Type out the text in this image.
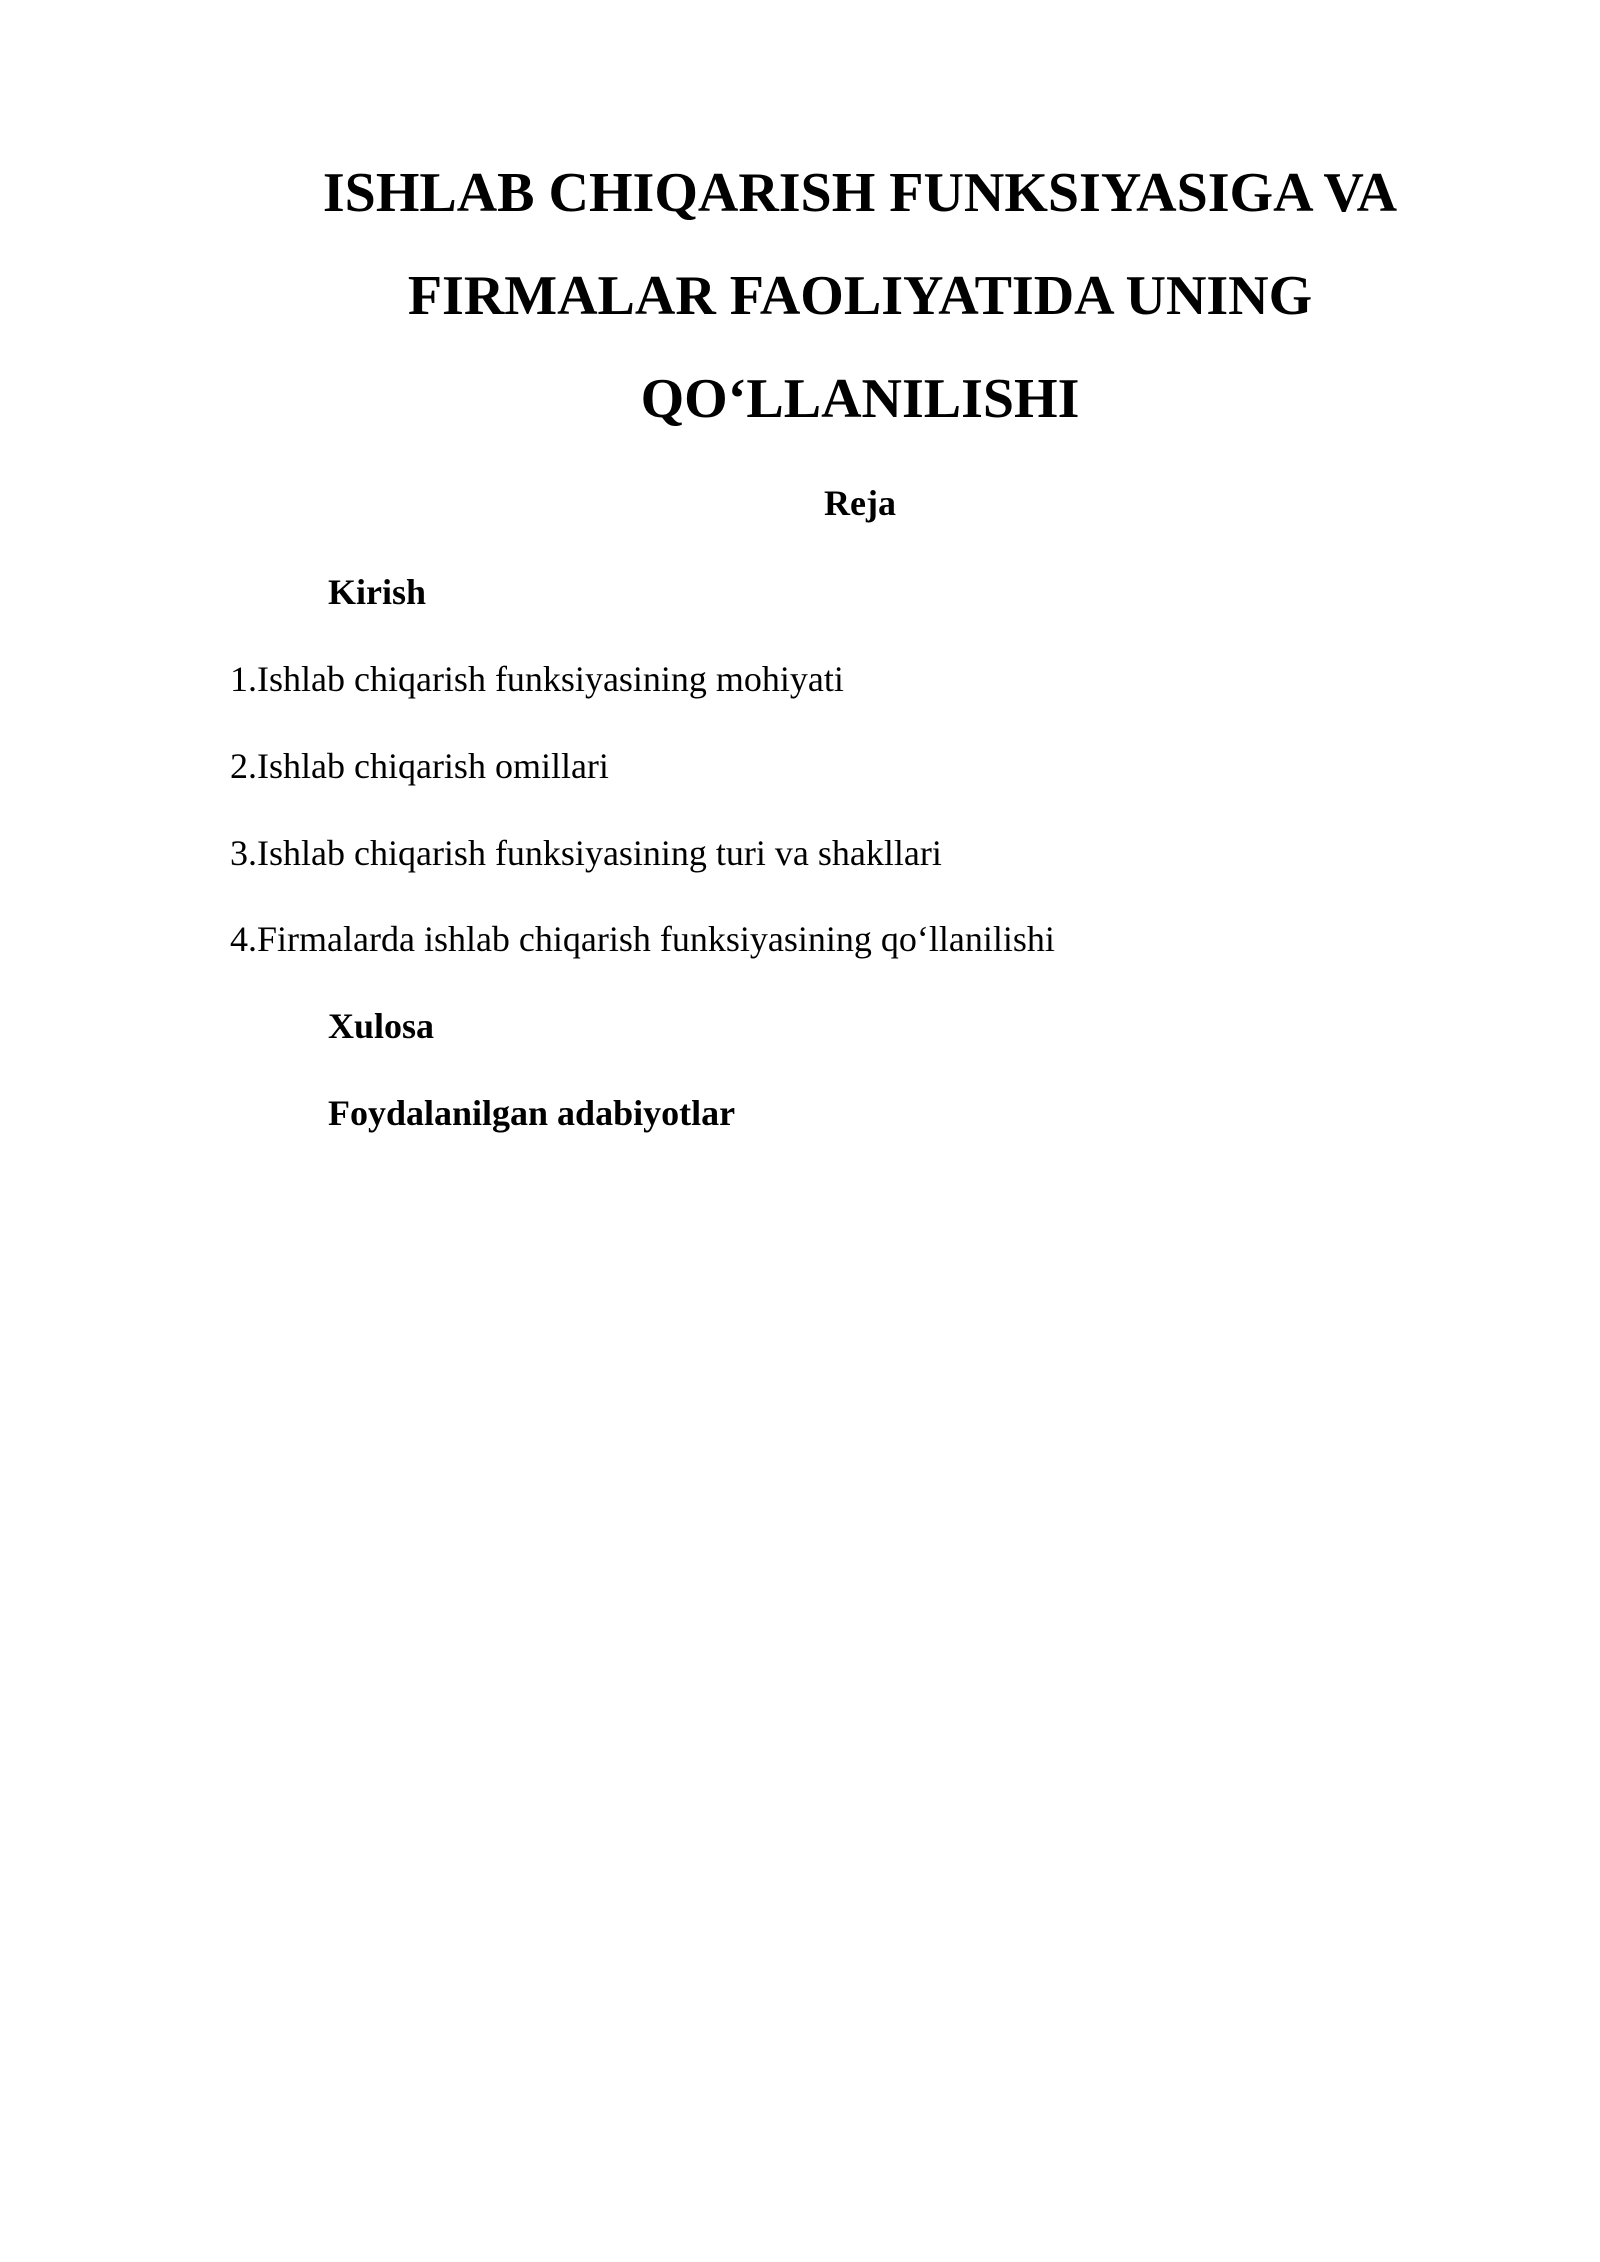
ISHLAB CHIQARISH FUNKSIYASIGA VA
FIRMALAR FAOLIYATIDA UNING
QO‘LLANILISHI

Reja

Kirish

1.Ishlab chiqarish funksiyasining mohiyati

2.Ishlab chiqarish omillari

3.Ishlab chiqarish funksiyasining turi va shakllari

4.Firmalarda ishlab chiqarish funksiyasining qo‘llanilishi

Xulosa

Foydalanilgan adabiyotlar
